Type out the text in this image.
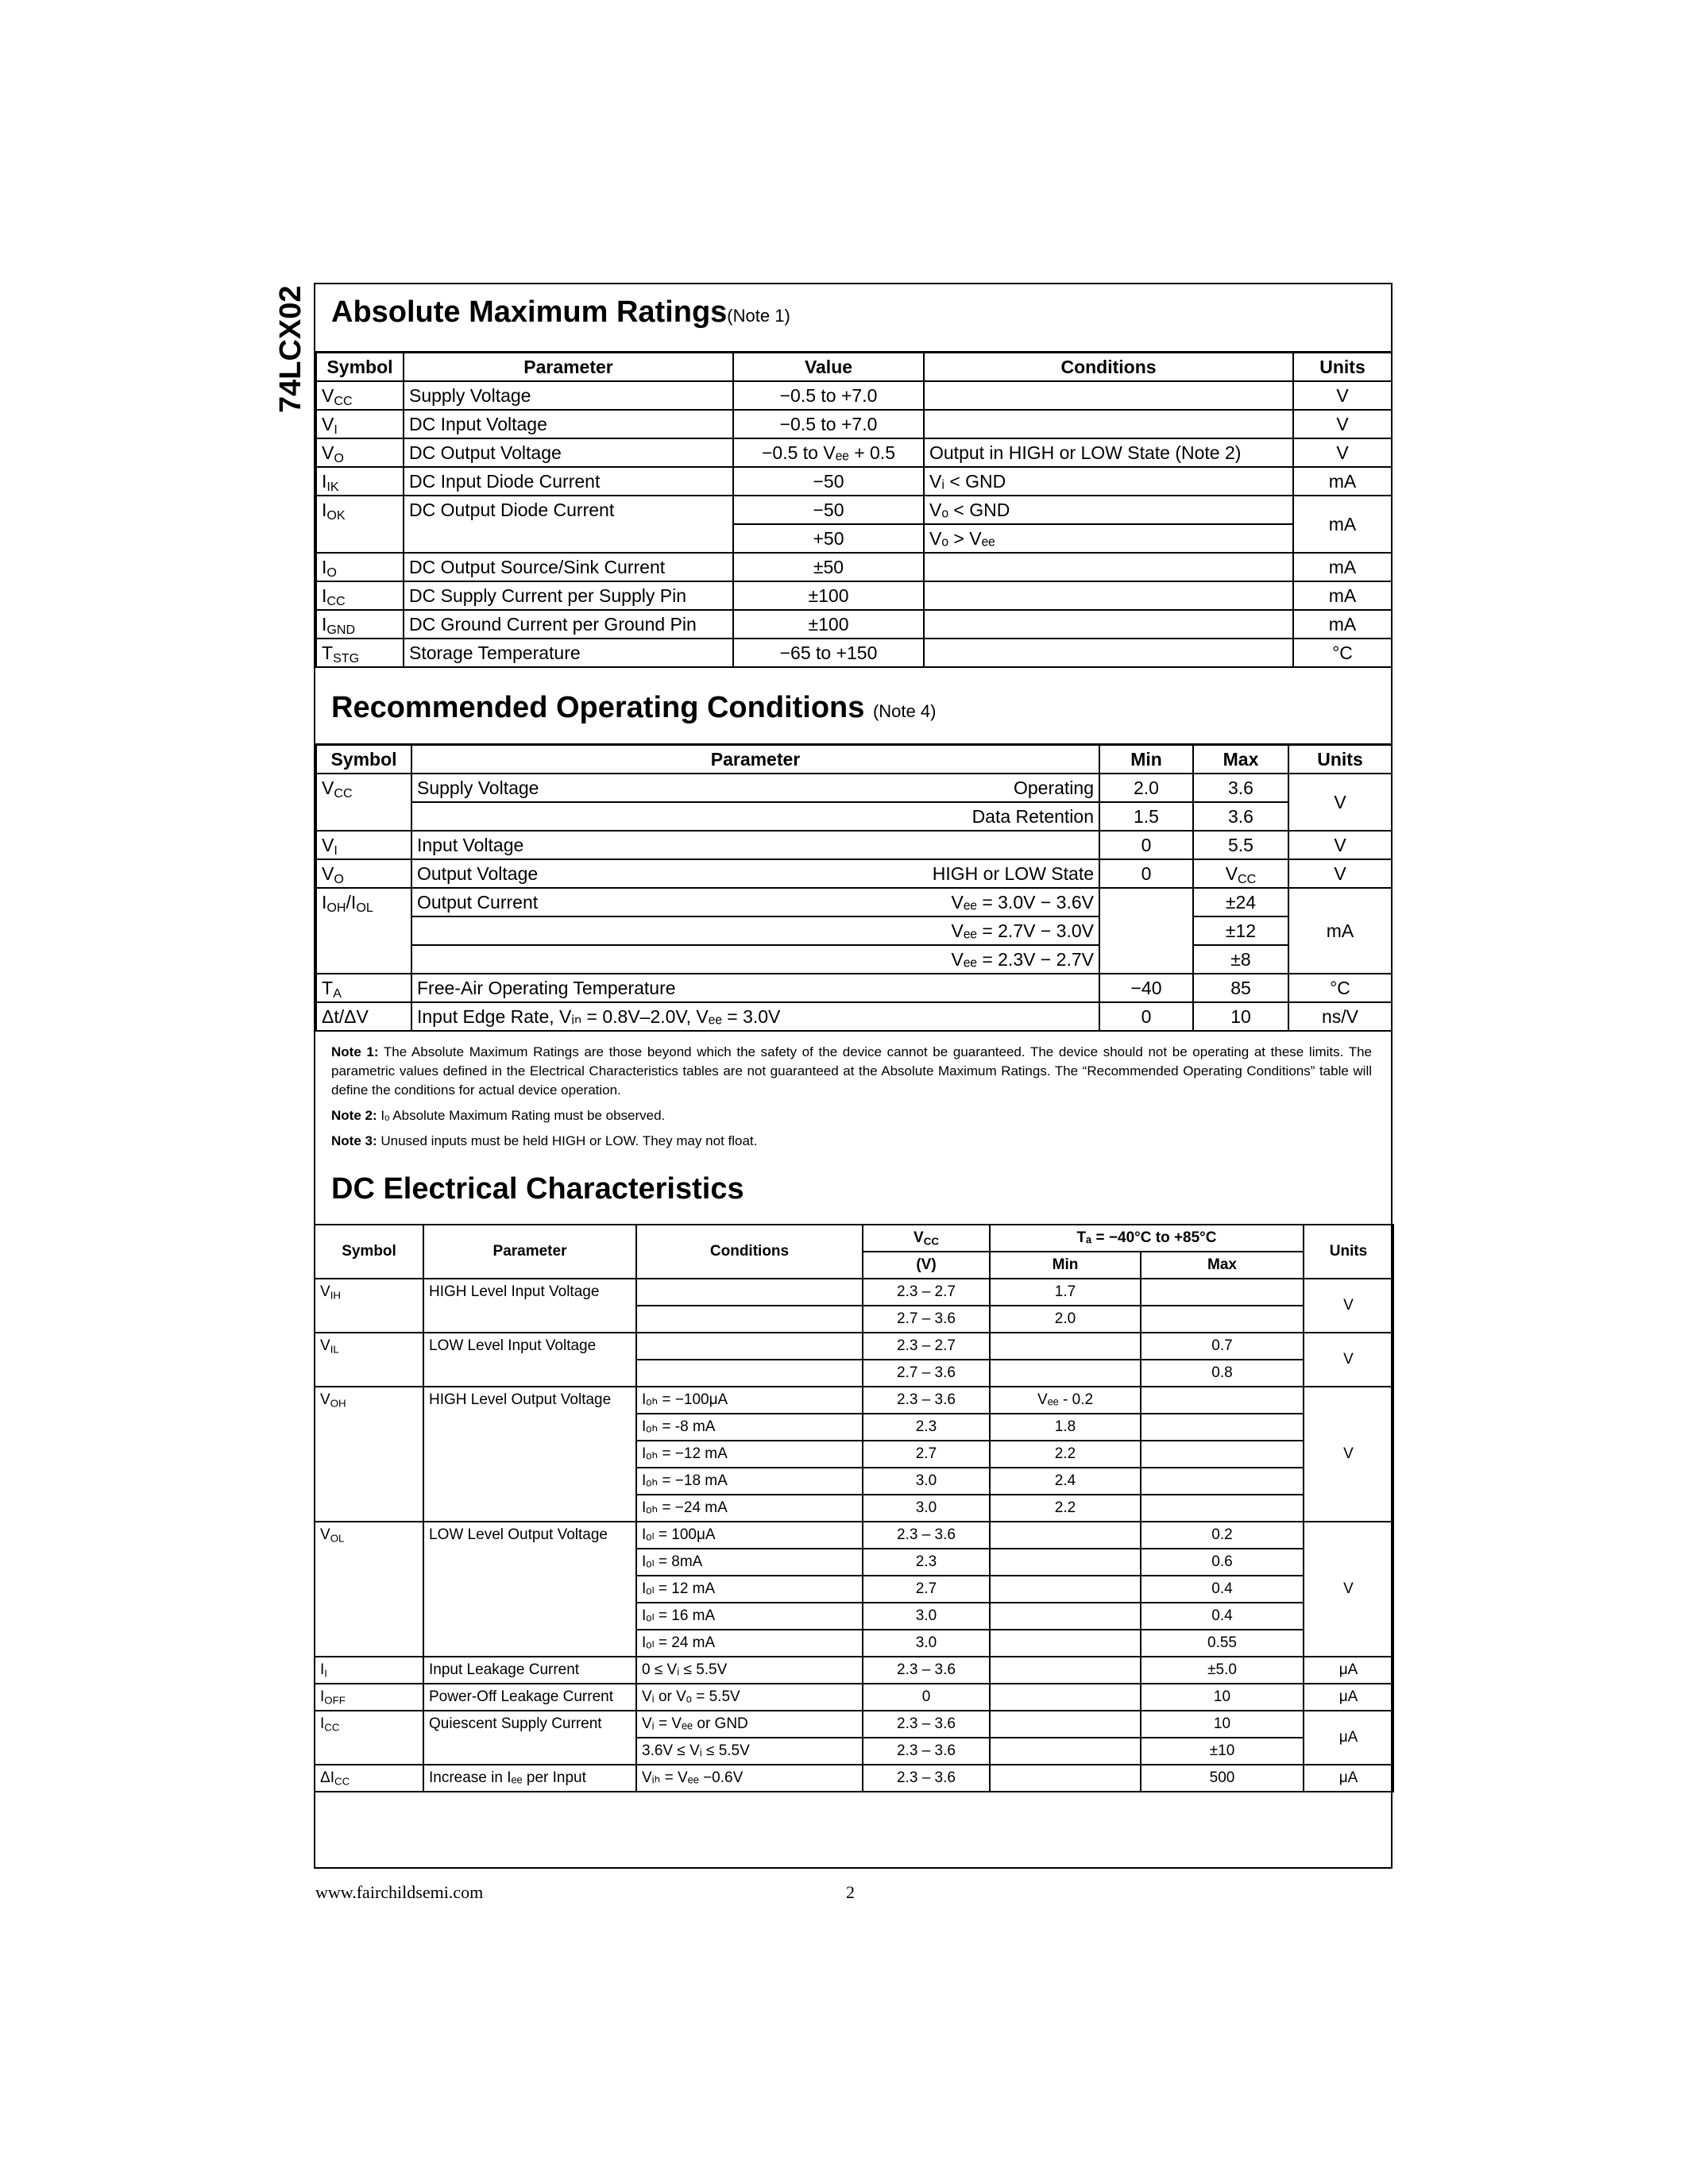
74LCX02 Absolute Maximum Ratings(Note 1)
Symbol	Parameter	Value	Conditions	Units
$V_{CC}$	Supply Voltage	−0.5 to +7.0		V
$V_I$	DC Input Voltage	−0.5 to +7.0		V
$V_O$	DC Output Voltage	−0.5 to Vₑₑ + 0.5	Output in HIGH or LOW State (Note 2)	V
$I_{IK}$	DC Input Diode Current	−50	Vᵢ < GND	mA
$I_{OK}$	DC Output Diode Current	−50	Vₒ < GND	mA
		+50	Vₒ > Vₑₑ	
$I_O$	DC Output Source/Sink Current	±50		mA
$I_{CC}$	DC Supply Current per Supply Pin	±100		mA
$I_{GND}$	DC Ground Current per Ground Pin	±100		mA
$T_{STG}$	Storage Temperature	−65 to +150		°C
Recommended Operating Conditions (Note 4)
Symbol	Parameter	Min	Max	Units
$V_{CC}$	Supply Voltage Operating	2.0	3.6	V
	Data Retention	1.5	3.6	
$V_I$	Input Voltage	0	5.5	V
$V_O$	Output Voltage HIGH or LOW State	0	$V_{CC}$	V
$I_{OH}/I_{OL}$	Output Current Vₑₑ = 3.0V − 3.6V		±24	mA

	Vₑₑ = 2.7V − 3.0V		±12	

	Vₑₑ = 2.3V − 2.7V		±8	
$T_A$	Free-Air Operating Temperature	−40	85	°C
Δt/ΔV	Input Edge Rate, Vᵢₙ = 0.8V–2.0V, Vₑₑ = 3.0V	0	10	ns/V

Note 1: The Absolute Maximum Ratings are those beyond which the safety of the device cannot be guaranteed. The device should not be operating at these limits. The parametric values defined in the Electrical Characteristics tables are not guaranteed at the Absolute Maximum Ratings. The “Recommended Operating Conditions” table will define the conditions for actual device operation.

Note 2: Iₒ Absolute Maximum Rating must be observed.

Note 3: Unused inputs must be held HIGH or LOW. They may not float.

DC Electrical Characteristics
Symbol	Parameter	Conditions	$V_{CC}$	Tₐ = −40°C to +85°C		Units
			(V)	Min	Max	
$V_{IH}$	HIGH Level Input Voltage		2.3 – 2.7	1.7		V
			2.7 – 3.6	2.0		
$V_{IL}$	LOW Level Input Voltage		2.3 – 2.7		0.7	V
			2.7 – 3.6		0.8	
$V_{OH}$	HIGH Level Output Voltage	Iₒₕ = −100μA	2.3 – 3.6	Vₑₑ - 0.2		V
		Iₒₕ = -8 mA	2.3	1.8		
		Iₒₕ = −12 mA	2.7	2.2		
		Iₒₕ = −18 mA	3.0	2.4		
		Iₒₕ = −24 mA	3.0	2.2		
$V_{OL}$	LOW Level Output Voltage	Iₒₗ = 100μA	2.3 – 3.6		0.2	V
		Iₒₗ = 8mA	2.3		0.6	
		Iₒₗ = 12 mA	2.7		0.4	
		Iₒₗ = 16 mA	3.0		0.4	
		Iₒₗ = 24 mA	3.0		0.55	
$I_I$	Input Leakage Current	0 ≤ Vᵢ ≤ 5.5V	2.3 – 3.6		±5.0	μA
$I_{OFF}$	Power-Off Leakage Current	Vᵢ or Vₒ = 5.5V	0		10	μA
$I_{CC}$	Quiescent Supply Current	Vᵢ = Vₑₑ or GND	2.3 – 3.6		10	μA
		3.6V ≤ Vᵢ ≤ 5.5V	2.3 – 3.6		±10	
$\Delta I_{CC}$	Increase in Iₑₑ per Input	Vᵢₕ = Vₑₑ −0.6V	2.3 – 3.6		500	μA
www.fairchildsemi.com	2
